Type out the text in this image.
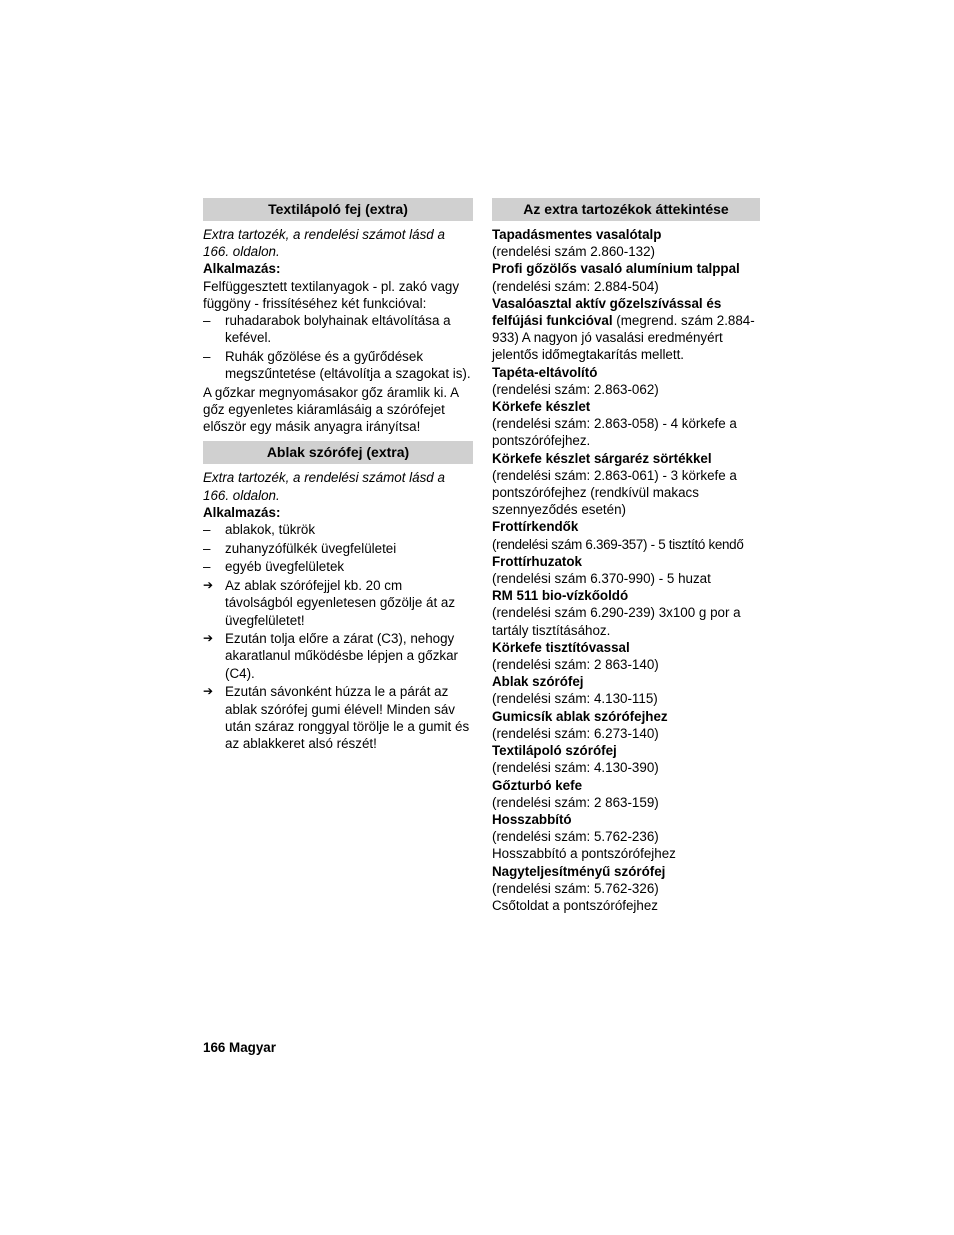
Textilápoló fej (extra)

Extra tartozék, a rendelési számot lásd a 166. oldalon.

Alkalmazás:

Felfüggesztett textilanyagok - pl. zakó vagy függöny - frissítéséhez két funkcióval:

–	ruhadarabok bolyhainak eltávolítása a kefével.
–	Ruhák gőzölése és a gyűrődések megszűntetése (eltávolítja a szagokat is).

A gőzkar megnyomásakor gőz áramlik ki. A gőz egyenletes kiáramlásáig a szórófejet először egy másik anyagra irányítsa!

Ablak szórófej (extra)

Extra tartozék, a rendelési számot lásd a 166. oldalon.

Alkalmazás:

–	ablakok, tükrök
–	zuhanyzófülkék üvegfelületei
–	egyéb üvegfelületek
➔ Az ablak szórófejjel kb. 20 cm távolságból egyenletesen gőzölje át az üvegfelületet!
➔ Ezután tolja előre a zárat (C3), nehogy akaratlanul működésbe lépjen a gőzkar (C4).
➔ Ezután sávonként húzza le a párát az ablak szórófej gumi élével! Minden sáv után száraz ronggyal törölje le a gumit és az ablakkeret alsó részét!
Az extra tartozékok áttekintése
Tapadásmentes vasalótalp
(rendelési szám 2.860-132)
Profi gőzölős vasaló alumínium talppal
(rendelési szám: 2.884-504)
Vasalóasztal aktív gőzelszívással és
felfújási funkcióval (megrend. szám 2.884-933) A nagyon jó vasalási eredményért jelentős időmegtakarítás mellett.
Tapéta-eltávolító
(rendelési szám: 2.863-062)
Körkefe készlet
(rendelési szám: 2.863-058) - 4 körkefe a pontszórófejhez.
Körkefe készlet sárgaréz sörtékkel
(rendelési szám: 2.863-061) - 3 körkefe a pontszórófejhez (rendkívül makacs szennyeződés esetén)
Frottírkendők
(rendelési szám 6.369-357) - 5 tisztító kendő
Frottírhuzatok
(rendelési szám 6.370-990) - 5 huzat
RM 511 bio-vízkőoldó
(rendelési szám 6.290-239) 3x100 g por a tartály tisztításához.
Körkefe tisztítóvassal
(rendelési szám: 2 863-140)
Ablak szórófej
(rendelési szám: 4.130-115)
Gumicsík ablak szórófejhez
(rendelési szám: 6.273-140)
Textilápoló szórófej
(rendelési szám: 4.130-390)
Gőzturbó kefe
(rendelési szám: 2 863-159)
Hosszabbító
(rendelési szám: 5.762-236)
Hosszabbító a pontszórófejhez
Nagyteljesítményű szórófej
(rendelési szám: 5.762-326)
Csőtoldat a pontszórófejhez
166 Magyar
